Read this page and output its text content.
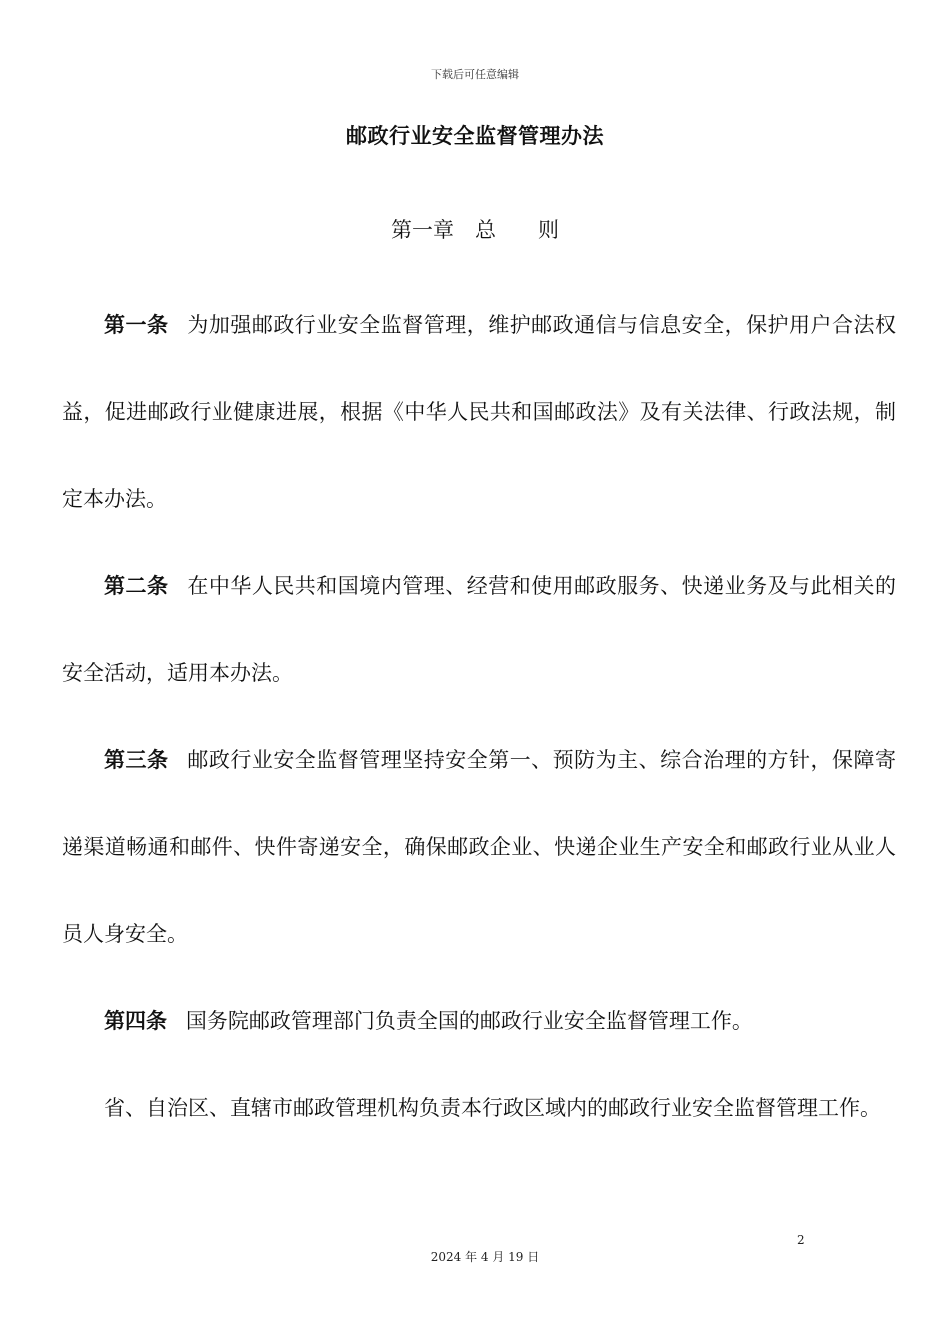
下载后可任意编辑
邮政行业安全监督管理办法
第一章　总　　则

第一条 为加强邮政行业安全监督管理，维护邮政通信与信息安全，保护用户合法权益，促进邮政行业健康进展，根据《中华人民共和国邮政法》及有关法律、行政法规，制定本办法。

第二条 在中华人民共和国境内管理、经营和使用邮政服务、快递业务及与此相关的安全活动，适用本办法。

第三条 邮政行业安全监督管理坚持安全第一、预防为主、综合治理的方针，保障寄递渠道畅通和邮件、快件寄递安全，确保邮政企业、快递企业生产安全和邮政行业从业人员人身安全。

第四条 国务院邮政管理部门负责全国的邮政行业安全监督管理工作。

省、自治区、直辖市邮政管理机构负责本行政区域内的邮政行业安全监督管理工作。

2
2024 年 4 月 19 日
